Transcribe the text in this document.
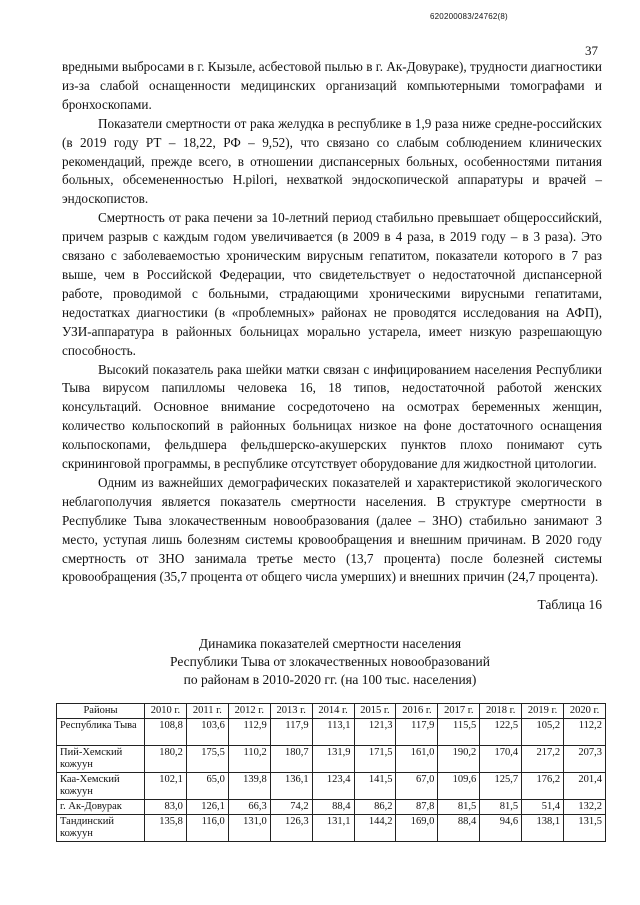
620200083/24762(8)
37

вредными выбросами в г. Кызыле, асбестовой пылью в г. Ак-Довураке), трудности диагностики из-за слабой оснащенности медицинских организаций компьютерными томографами и бронхоскопами.

Показатели смертности от рака желудка в республике в 1,9 раза ниже средне-российских (в 2019 году РТ – 18,22, РФ – 9,52), что связано со слабым соблюдением клинических рекомендаций, прежде всего, в отношении диспансерных больных, особенностями питания больных, обсемененностью H.pilori, нехваткой эндоскопической аппаратуры и врачей – эндоскопистов.

Смертность от рака печени за 10-летний период стабильно превышает общероссийский, причем разрыв с каждым годом увеличивается (в 2009 в 4 раза, в 2019 году – в 3 раза). Это связано с заболеваемостью хроническим вирусным гепатитом, показатели которого в 7 раз выше, чем в Российской Федерации, что свидетельствует о недостаточной диспансерной работе, проводимой с больными, страдающими хроническими вирусными гепатитами, недостатках диагностики (в «проблемных» районах не проводятся исследования на АФП), УЗИ-аппаратура в районных больницах морально устарела, имеет низкую разрешающую способность.

Высокий показатель рака шейки матки связан с инфицированием населения Республики Тыва вирусом папилломы человека 16, 18 типов, недостаточной работой женских консультаций. Основное внимание сосредоточено на осмотрах беременных женщин, количество кольпоскопий в районных больницах низкое на фоне достаточного оснащения кольпоскопами, фельдшера фельдшерско-акушерских пунктов плохо понимают суть скрининговой программы, в республике отсутствует оборудование для жидкостной цитологии.

Одним из важнейших демографических показателей и характеристикой экологического неблагополучия является показатель смертности населения. В структуре смертности в Республике Тыва злокачественным новообразования (далее – ЗНО) стабильно занимают 3 место, уступая лишь болезням системы кровообращения и внешним причинам. В 2020 году смертность от ЗНО занимала третье место (13,7 процента) после болезней системы кровообращения (35,7 процента от общего числа умерших) и внешних причин (24,7 процента).

Таблица 16
Динамика показателей смертности населения
Республики Тыва от злокачественных новообразований
по районам в 2010-2020 гг. (на 100 тыс. населения)
Районы	2010 г.	2011 г.	2012 г.	2013 г.	2014 г.	2015 г.	2016 г.	2017 г.	2018 г.	2019 г.	2020 г.
Республика Тыва	108,8	103,6	112,9	117,9	113,1	121,3	117,9	115,5	122,5	105,2	112,2
Пий-Хемский кожуун	180,2	175,5	110,2	180,7	131,9	171,5	161,0	190,2	170,4	217,2	207,3
Каа-Хемский кожуун	102,1	65,0	139,8	136,1	123,4	141,5	67,0	109,6	125,7	176,2	201,4
г. Ак-Довурак	83,0	126,1	66,3	74,2	88,4	86,2	87,8	81,5	81,5	51,4	132,2
Тандинский кожуун	135,8	116,0	131,0	126,3	131,1	144,2	169,0	88,4	94,6	138,1	131,5
